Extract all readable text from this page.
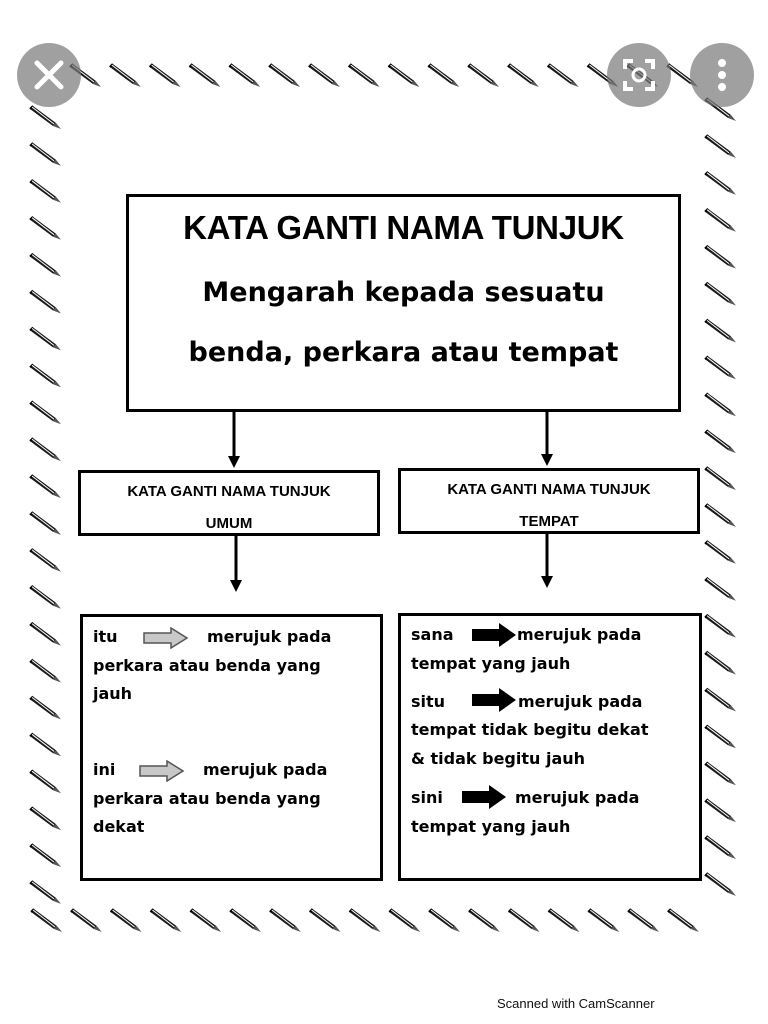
KATA GANTI NAMA TUNJUK
Mengarah kepada sesuatu
benda, perkara atau tempat
KATA GANTI NAMA TUNJUK
UMUM
KATA GANTI NAMA TUNJUK
TEMPAT
itu	merujuk pada
perkara atau benda yang
jauh
ini	merujuk pada
perkara atau benda yang
dekat
sana	merujuk pada
tempat yang jauh
situ	merujuk pada
tempat tidak begitu dekat
& tidak begitu jauh
sini	merujuk pada
tempat yang jauh
Scanned with CamScanner
